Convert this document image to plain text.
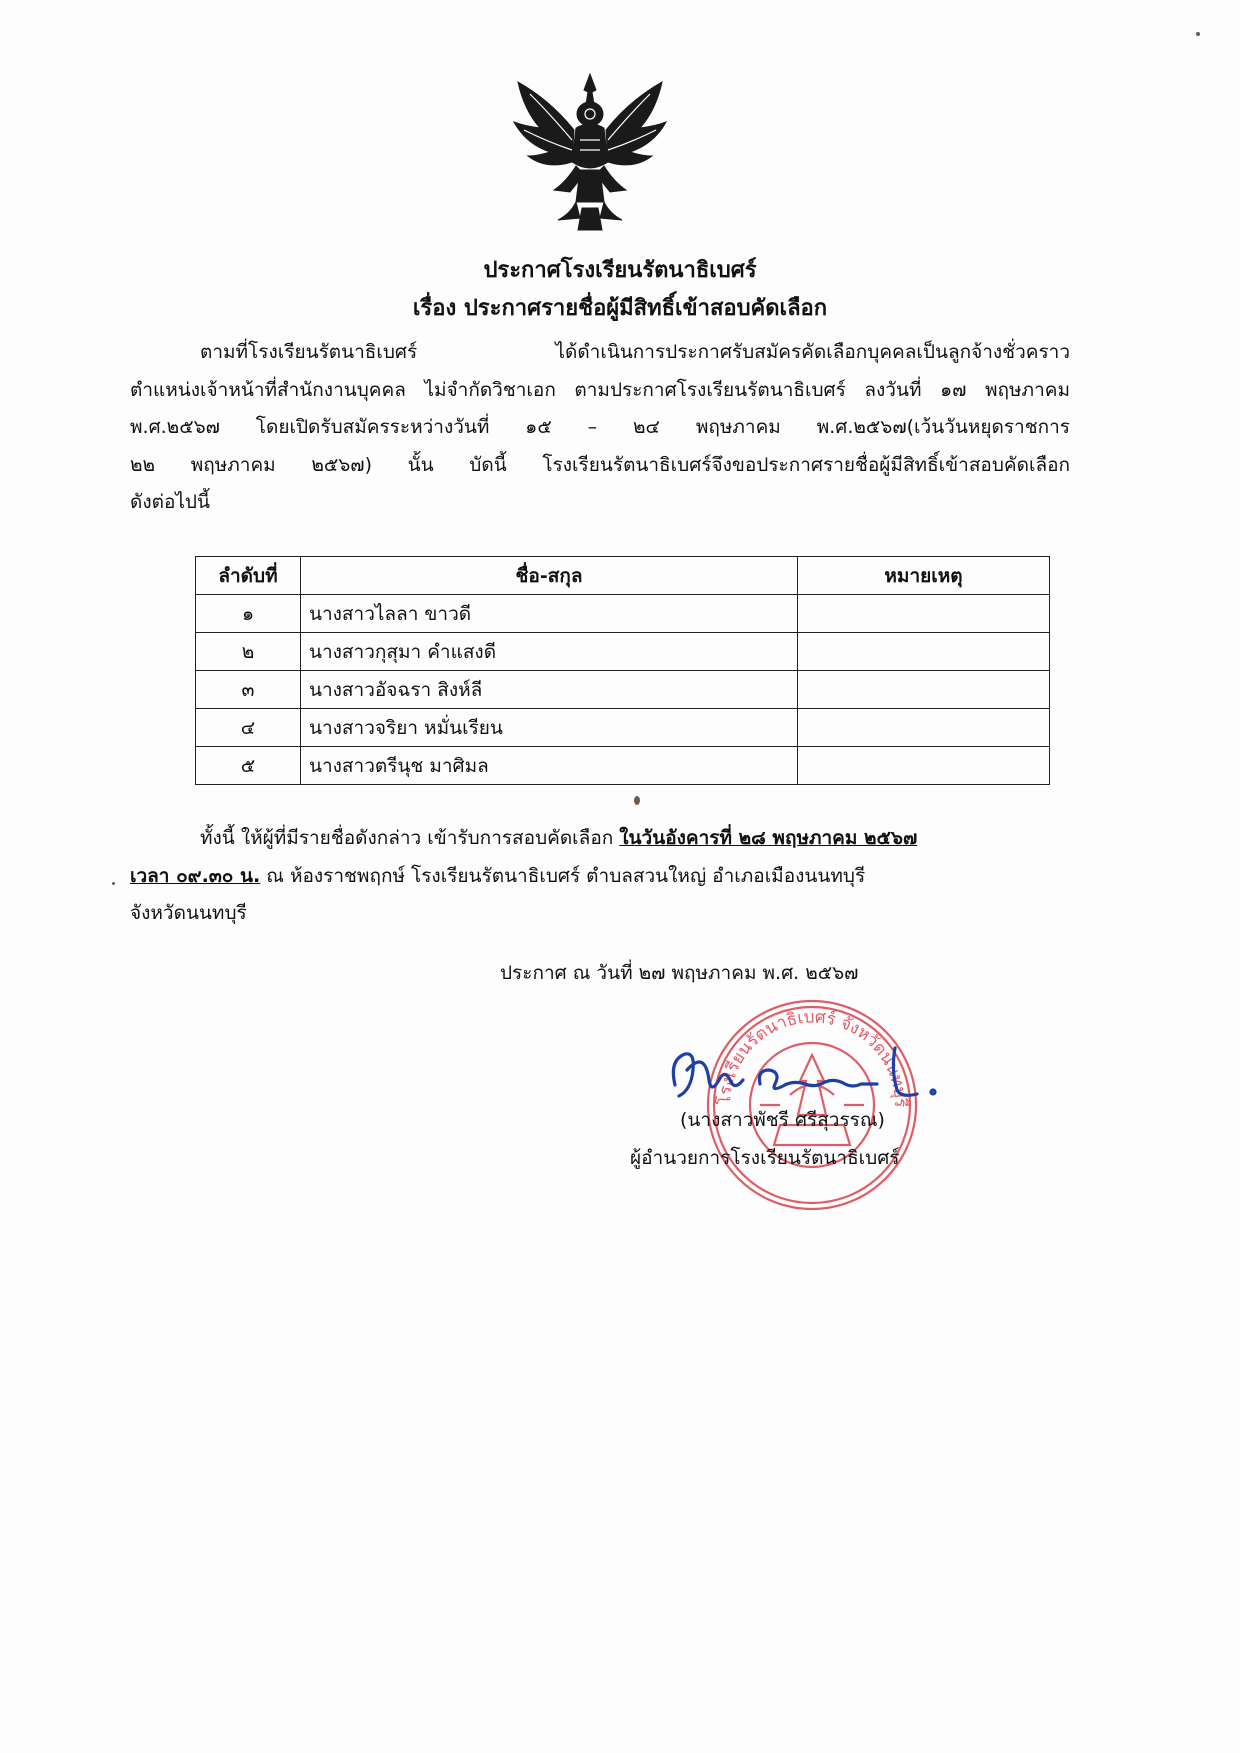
ประกาศโรงเรียนรัตนาธิเบศร์
เรื่อง ประกาศรายชื่อผู้มีสิทธิ์เข้าสอบคัดเลือก
ตามที่โรงเรียนรัตนาธิเบศร์ ได้ดำเนินการประกาศรับสมัครคัดเลือกบุคคลเป็นลูกจ้างชั่วคราว
ตำแหน่งเจ้าหน้าที่สำนักงานบุคคล ไม่จำกัดวิชาเอก ตามประกาศโรงเรียนรัตนาธิเบศร์ ลงวันที่ ๑๗ พฤษภาคม
พ.ศ.๒๕๖๗ โดยเปิดรับสมัครระหว่างวันที่ ๑๕ – ๒๔ พฤษภาคม พ.ศ.๒๕๖๗(เว้นวันหยุดราชการ
๒๒ พฤษภาคม ๒๕๖๗) นั้น บัดนี้ โรงเรียนรัตนาธิเบศร์จึงขอประกาศรายชื่อผู้มีสิทธิ์เข้าสอบคัดเลือก
ดังต่อไปนี้
ลำดับที่	ชื่อ-สกุล	หมายเหตุ
๑	นางสาวไลลา ขาวดี	
๒	นางสาวกุสุมา คำแสงดี	
๓	นางสาวอัจฉรา สิงห์ลี	
๔	นางสาวจริยา หมั่นเรียน	
๕	นางสาวตรีนุช มาศิมล	
ทั้งนี้ ให้ผู้ที่มีรายชื่อดังกล่าว เข้ารับการสอบคัดเลือก ในวันอังคารที่ ๒๘ พฤษภาคม ๒๕๖๗
เวลา ๐๙.๓๐ น. ณ ห้องราชพฤกษ์ โรงเรียนรัตนาธิเบศร์ ตำบลสวนใหญ่ อำเภอเมืองนนทบุรี
จังหวัดนนทบุรี
ประกาศ ณ วันที่ ๒๗ พฤษภาคม พ.ศ. ๒๕๖๗
โรงเรียนรัตนาธิเบศร์ จังหวัดนนทบุรี
(นางสาวพัชรี ศรีสุวรรณ)
ผู้อำนวยการโรงเรียนรัตนาธิเบศร์
